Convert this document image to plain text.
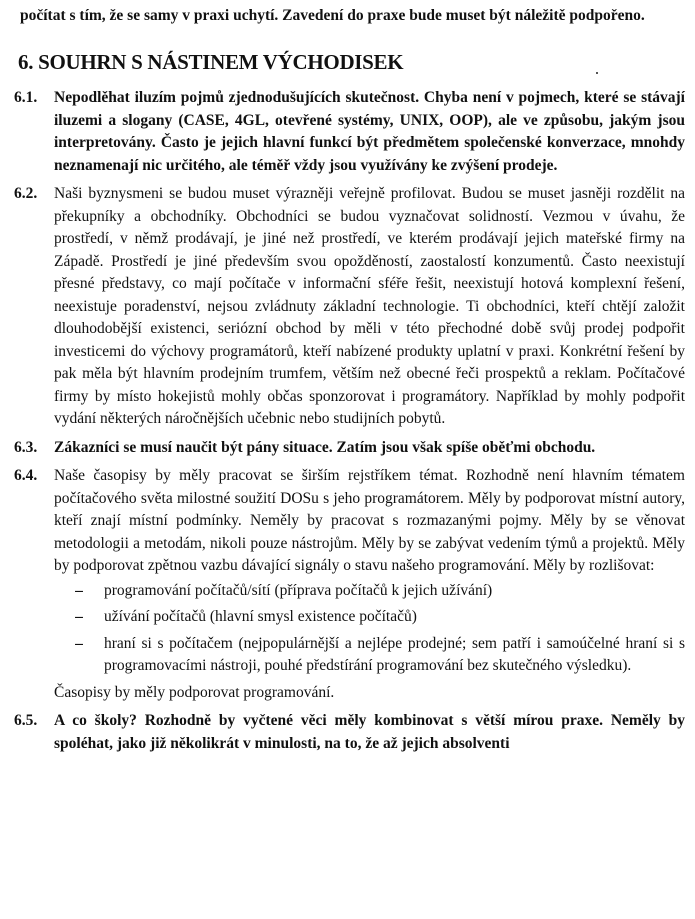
počítat s tím, že se samy v praxi uchytí. Zavedení do praxe bude muset být náležitě podpořeno.

6. SOUHRN S NÁSTINEM VÝCHODISEK
6.1.	Nepodlěhat iluzím pojmů zjednodušujících skutečnost. Chyba není v pojmech, které se stávají iluzemi a slogany (CASE, 4GL, otevřené systémy, UNIX, OOP), ale ve způsobu, jakým jsou interpretovány. Často je jejich hlavní funkcí být předmětem společenské konverzace, mnohdy neznamenají nic určitého, ale téměř vždy jsou využívány ke zvýšení prodeje.
6.2.	Naši byznysmeni se budou muset výrazněji veřejně profilovat. Budou se muset jasněji rozdělit na překupníky a obchodníky. Obchodníci se budou vyznačovat solidností. Vezmou v úvahu, že prostředí, v němž prodávají, je jiné než prostředí, ve kterém prodávají jejich mateřské firmy na Západě. Prostředí je jiné především svou opožděností, zaostalostí konzumentů. Často neexistují přesné představy, co mají počítače v informační sféře řešit, neexistují hotová komplexní řešení, neexistuje poradenství, nejsou zvládnuty základní technologie. Ti obchodníci, kteří chtějí založit dlouhodobější existenci, seriózní obchod by měli v této přechodné době svůj prodej podpořit investicemi do výchovy programátorů, kteří nabízené produkty uplatní v praxi. Konkrétní řešení by pak měla být hlavním prodejním trumfem, větším než obecné řeči prospektů a reklam. Počítačové firmy by místo hokejistů mohly občas sponzorovat i programátory. Například by mohly podpořit vydání některých náročnějších učebnic nebo studijních pobytů.
6.3.	Zákazníci se musí naučit být pány situace. Zatím jsou však spíše oběťmi obchodu.
6.4.	Naše časopisy by měly pracovat se širším rejstříkem témat. Rozhodně není hlavním tématem počítačového světa milostné soužití DOSu s jeho programátorem. Měly by podporovat místní autory, kteří znají místní podmínky. Neměly by pracovat s rozmazanými pojmy. Měly by se věnovat metodologii a metodám, nikoli pouze nástrojům. Měly by se zabývat vedením týmů a projektů. Měly by podporovat zpětnou vazbu dávající signály o stavu našeho programování. Měly by rozlišovat:
–	programování počítačů/sítí (příprava počítačů k jejich užívání)
–	užívání počítačů (hlavní smysl existence počítačů)
–	hraní si s počítačem (nejpopulárnější a nejlépe prodejné; sem patří i samoúčelné hraní si s programovacími nástroji, pouhé předstírání programování bez skutečného výsledku).
Časopisy by měly podporovat programování.
6.5.	A co školy? Rozhodně by vyčtené věci měly kombinovat s větší mírou praxe. Neměly by spoléhat, jako již několikrát v minulosti, na to, že až jejich absolventi
